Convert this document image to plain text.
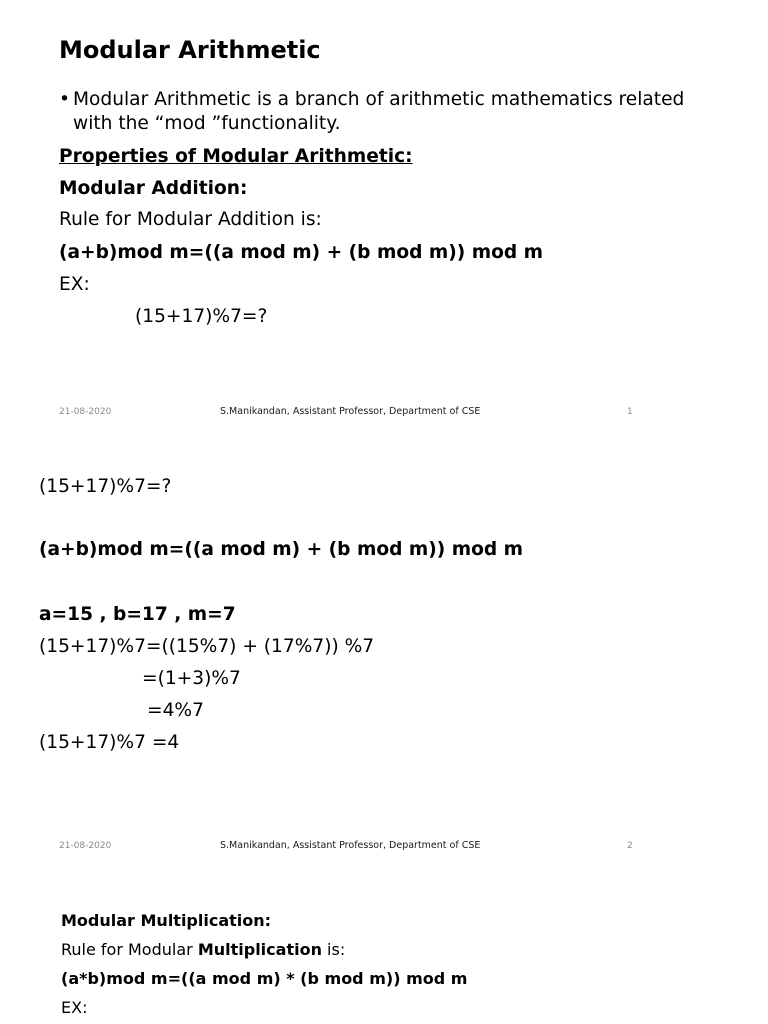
Modular Arithmetic
• Modular Arithmetic is a branch of arithmetic mathematics related
with the “mod ”functionality.
Properties of Modular Arithmetic:
Modular Addition:
Rule for Modular Addition is:
(a+b)mod m=((a mod m) + (b mod m)) mod m
EX:
(15+17)%7=?
21-08-2020	S.Manikandan, Assistant Professor, Department of CSE	1
(15+17)%7=?
(a+b)mod m=((a mod m) + (b mod m)) mod m
a=15 , b=17 , m=7
(15+17)%7=((15%7) + (17%7)) %7
=(1+3)%7
=4%7
(15+17)%7 =4
21-08-2020	S.Manikandan, Assistant Professor, Department of CSE	2
Modular Multiplication:
Rule for Modular Multiplication is:
(a*b)mod m=((a mod m) * (b mod m)) mod m
EX:
